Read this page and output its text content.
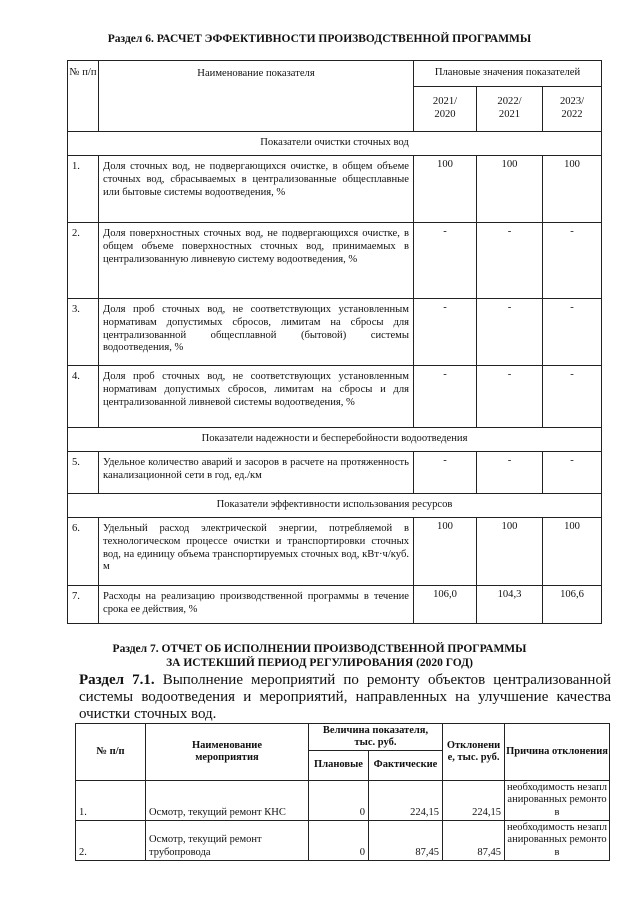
Раздел 6. РАСЧЕТ ЭФФЕКТИВНОСТИ ПРОИЗВОДСТВЕННОЙ ПРОГРАММЫ
№ п/п	Наименование показателя	Плановые значения показателей		
		2021/ 2020	2022/ 2021	2023/ 2022
Показатели очистки сточных вод				
1.	Доля сточных вод, не подвергающихся очистке, в общем объеме сточных вод, сбрасываемых в централизованные общесплавные или бытовые системы водоотведения, %	100	100	100
2.	Доля поверхностных сточных вод, не подвергающихся очистке, в общем объеме поверхностных сточных вод, принимаемых в централизованную ливневую систему водоотведения, %	-	-	-
3.	Доля проб сточных вод, не соответствующих установленным нормативам допустимых сбросов, лимитам на сбросы для централизованной общесплавной (бытовой) системы водоотведения, %	-	-	-
4.	Доля проб сточных вод, не соответствующих установленным нормативам допустимых сбросов, лимитам на сбросы и для централизованной ливневой системы водоотведения, %	-	-	-
Показатели надежности и бесперебойности водоотведения				
5.	Удельное количество аварий и засоров в расчете на протяженность канализационной сети в год, ед./км	-	-	-
Показатели эффективности использования ресурсов				
6.	Удельный расход электрической энергии, потребляемой в технологическом процессе очистки и транспортировки сточных вод, на единицу объема транспортируемых сточных вод, кВт·ч/куб. м	100	100	100
7.	Расходы на реализацию производственной программы в течение срока ее действия, %	106,0	104,3	106,6
Раздел 7. ОТЧЕТ ОБ ИСПОЛНЕНИИ ПРОИЗВОДСТВЕННОЙ ПРОГРАММЫ
ЗА ИСТЕКШИЙ ПЕРИОД РЕГУЛИРОВАНИЯ (2020 ГОД)
Раздел 7.1. Выполнение мероприятий по ремонту объектов централизованной системы водоотведения и мероприятий, направленных на улучшение качества очистки сточных вод.
№ п/п	Наименование мероприятия	Величина показателя, тыс. руб.		Отклонение, тыс. руб.	Причина отклонения
		Плановые	Фактические		
1.	Осмотр, текущий ремонт КНС	0	224,15	224,15	необходимость незапланированных ремонтов
2.	Осмотр, текущий ремонт трубопровода	0	87,45	87,45	необходимость незапланированных ремонтов
